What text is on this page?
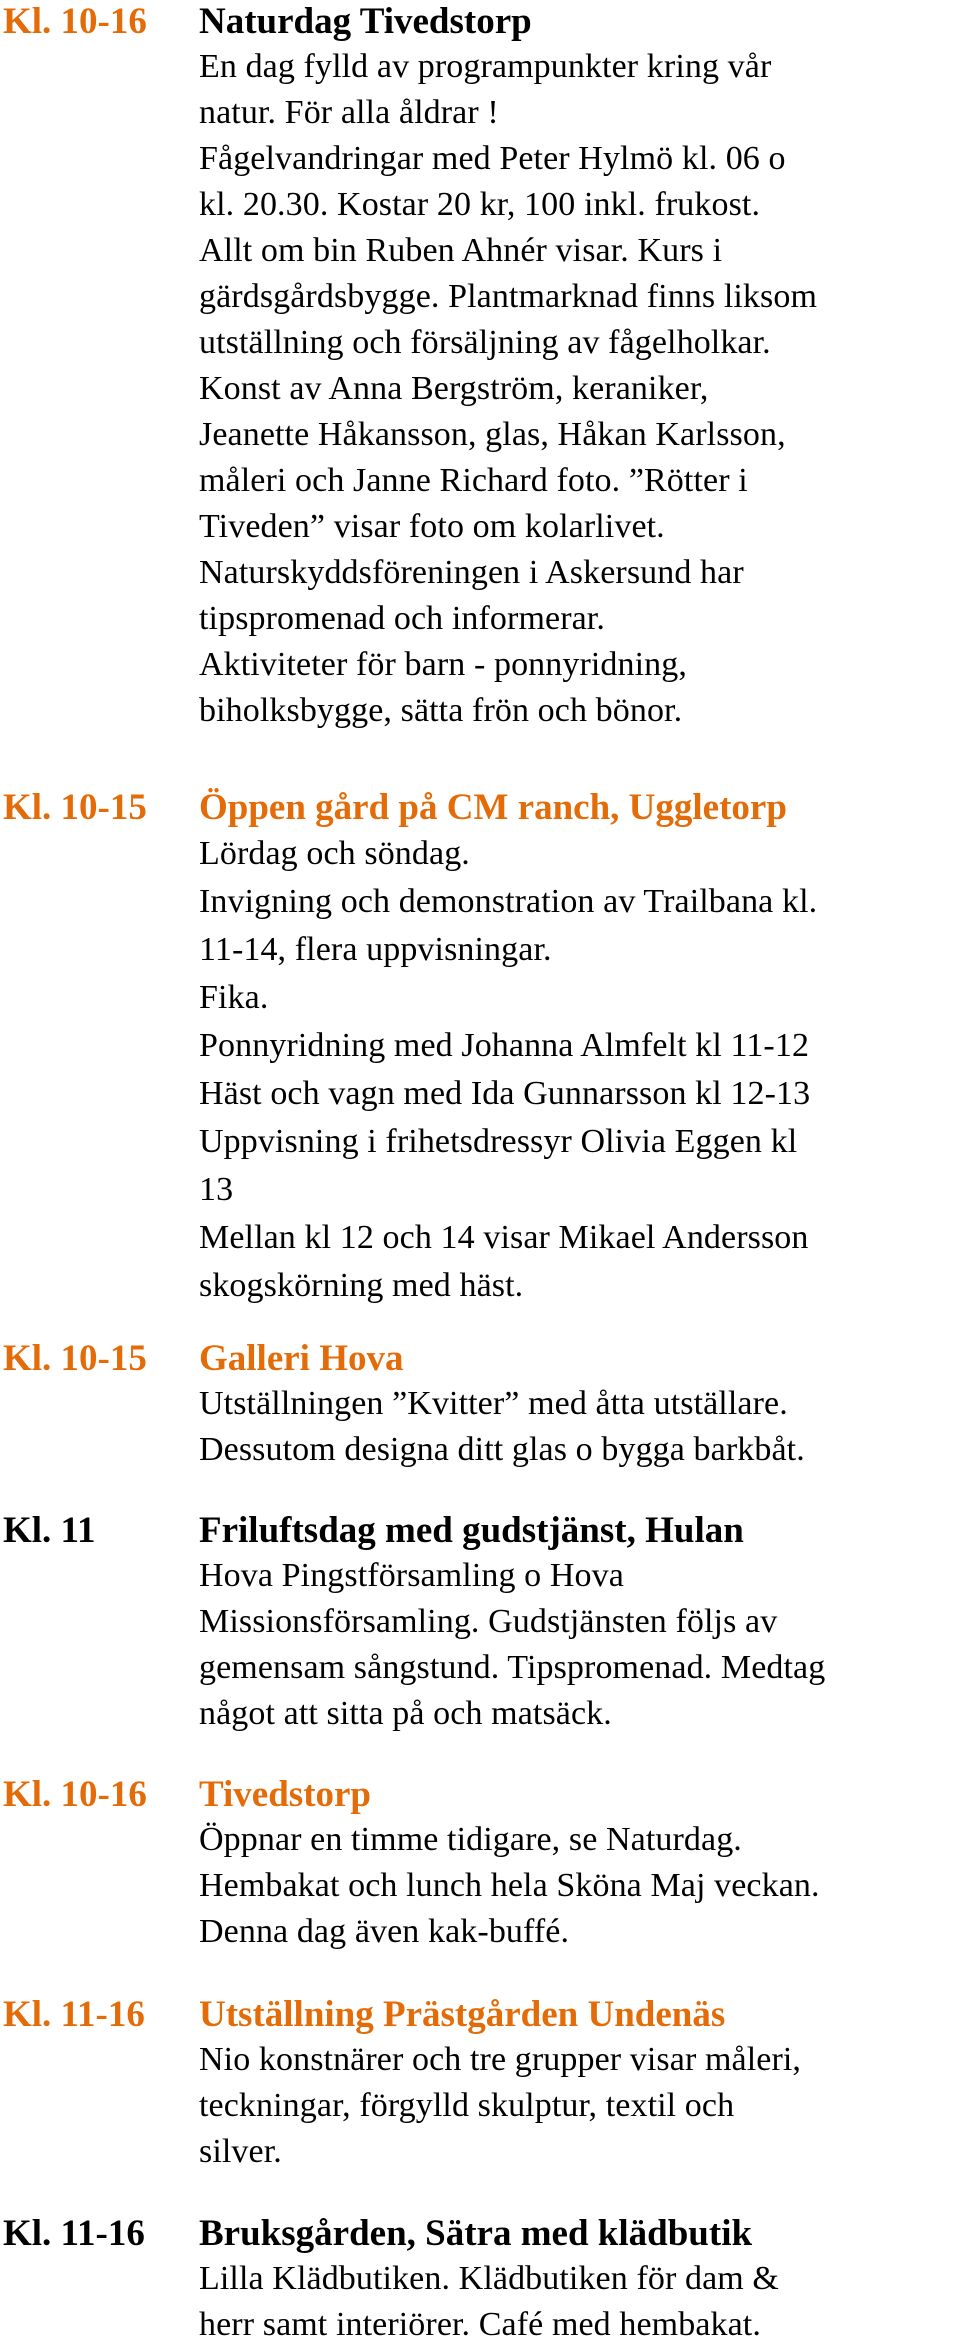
Kl. 10-16 Naturdag Tivedstorp
En dag fylld av programpunkter kring vår
natur. För alla åldrar !
Fågelvandringar med Peter Hylmö kl. 06 o
kl. 20.30. Kostar 20 kr, 100 inkl. frukost.
Allt om bin Ruben Ahnér visar. Kurs i
gärdsgårdsbygge. Plantmarknad finns liksom
utställning och försäljning av fågelholkar.
Konst av Anna Bergström, keraniker,
Jeanette Håkansson, glas, Håkan Karlsson,
måleri och Janne Richard foto. ”Rötter i
Tiveden” visar foto om kolarlivet.
Naturskyddsföreningen i Askersund har
tipspromenad och informerar.
Aktiviteter för barn - ponnyridning,
biholksbygge, sätta frön och bönor.
Kl. 10-15 Öppen gård på CM ranch, Uggletorp
Lördag och söndag.
Invigning och demonstration av Trailbana kl.
11-14, flera uppvisningar.
Fika.
Ponnyridning med Johanna Almfelt kl 11-12
Häst och vagn med Ida Gunnarsson kl 12-13
Uppvisning i frihetsdressyr Olivia Eggen kl
13
Mellan kl 12 och 14 visar Mikael Andersson
skogskörning med häst.
Kl. 10-15 Galleri Hova
Utställningen ”Kvitter” med åtta utställare.
Dessutom designa ditt glas o bygga barkbåt.
Kl. 11	Friluftsdag med gudstjänst, Hulan
Hova Pingstförsamling o Hova
Missionsförsamling. Gudstjänsten följs av
gemensam sångstund. Tipspromenad. Medtag
något att sitta på och matsäck.
Kl. 10-16 Tivedstorp
Öppnar en timme tidigare, se Naturdag.
Hembakat och lunch hela Sköna Maj veckan.
Denna dag även kak-buffé.
Kl. 11-16 Utställning Prästgården Undenäs
Nio konstnärer och tre grupper visar måleri,
teckningar, förgylld skulptur, textil och
silver.
Kl. 11-16 Bruksgården, Sätra med klädbutik
Lilla Klädbutiken. Klädbutiken för dam &
herr samt interiörer. Café med hembakat.
